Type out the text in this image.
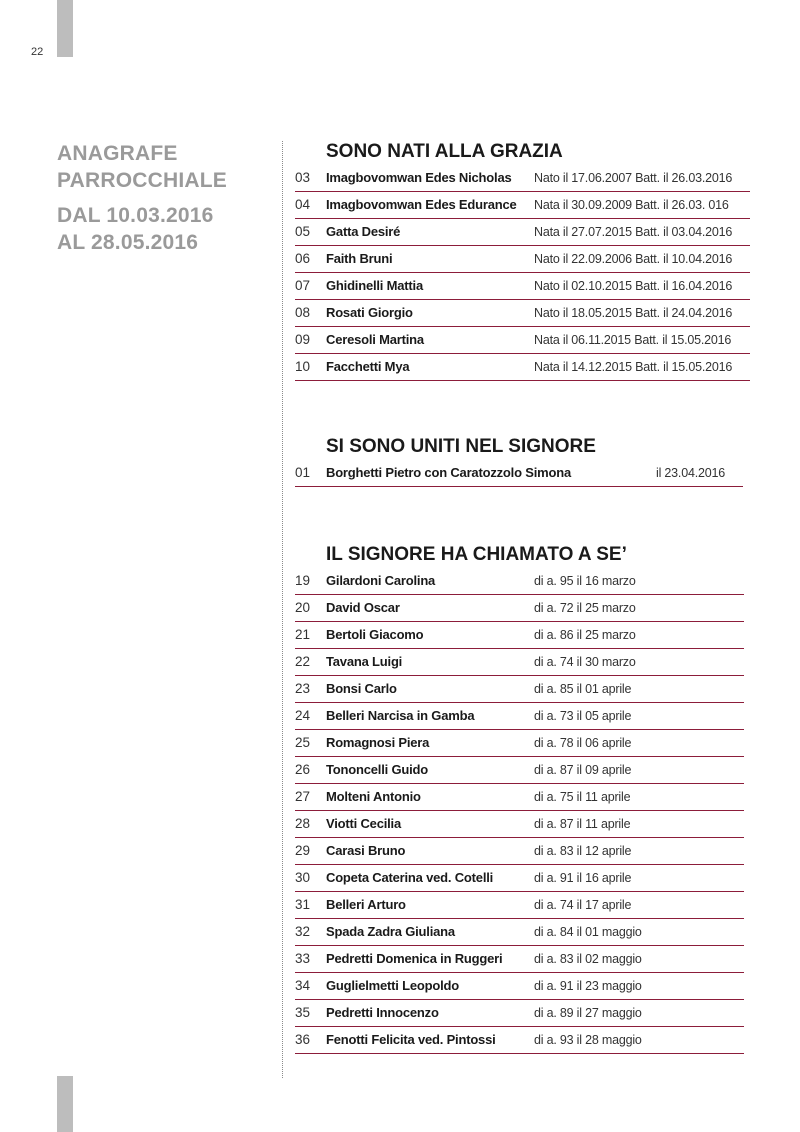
22
ANAGRAFE
PARROCCHIALE
DAL 10.03.2016
AL 28.05.2016
SONO NATI ALLA GRAZIA
03 Imagbovomwan Edes Nicholas Nato il 17.06.2007 Batt. il 26.03.2016
04 Imagbovomwan Edes Edurance Nata il 30.09.2009 Batt. il 26.03. 016
05 Gatta Desiré	Nata il 27.07.2015 Batt. il 03.04.2016
06 Faith Bruni	Nato il 22.09.2006 Batt. il 10.04.2016
07 Ghidinelli Mattia	Nato il 02.10.2015 Batt. il 16.04.2016
08 Rosati Giorgio	Nato il 18.05.2015 Batt. il 24.04.2016
09 Ceresoli Martina	Nata il 06.11.2015 Batt. il 15.05.2016
10 Facchetti Mya	Nata il 14.12.2015 Batt. il 15.05.2016
SI SONO UNITI NEL SIGNORE
01 Borghetti Pietro con Caratozzolo Simona	il 23.04.2016
IL SIGNORE HA CHIAMATO A SE’
19 Gilardoni Carolina	di a. 95 il 16 marzo
20 David Oscar	di a. 72 il 25 marzo
21 Bertoli Giacomo	di a. 86 il 25 marzo
22 Tavana Luigi	di a. 74 il 30 marzo
23 Bonsi Carlo	di a. 85 il 01 aprile
24 Belleri Narcisa in Gamba	di a. 73 il 05 aprile
25 Romagnosi Piera	di a. 78 il 06 aprile
26 Tononcelli Guido	di a. 87 il 09 aprile
27 Molteni Antonio	di a. 75 il 11 aprile
28 Viotti Cecilia	di a. 87 il 11 aprile
29 Carasi Bruno	di a. 83 il 12 aprile
30 Copeta Caterina ved. Cotelli	di a. 91 il 16 aprile
31 Belleri Arturo	di a. 74 il 17 aprile
32 Spada Zadra Giuliana	di a. 84 il 01 maggio
33 Pedretti Domenica in Ruggeri	di a. 83 il 02 maggio
34 Guglielmetti Leopoldo	di a. 91 il 23 maggio
35 Pedretti Innocenzo	di a. 89 il 27 maggio
36 Fenotti Felicita ved. Pintossi	di a. 93 il 28 maggio
